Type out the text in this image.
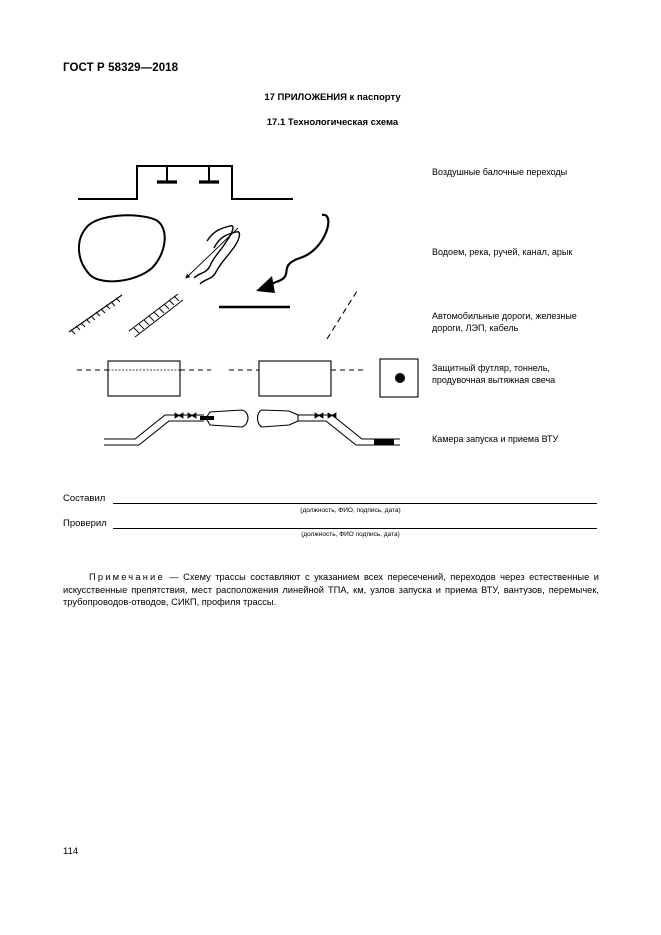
ГОСТ Р 58329—2018
17 ПРИЛОЖЕНИЯ к паспорту
17.1 Технологическая схема
Воздушные балочные переходы
Водоем, река, ручей, канал, арык
Автомобильные дороги, железные
дороги, ЛЭП, кабель
Защитный футляр, тоннель,
продувочная вытяжная свеча
Камера запуска и приема ВТУ
Составил
(должность, ФИО, подпись, дата)
Проверил
(должность, ФИО подпись, дата)
Примечание — Схему трассы составляют с указанием всех пересечений, переходов через естественные и искусственные препятствия, мест расположения линейной ТПА, км, узлов запуска и приема ВТУ, вантузов, перемычек, трубопроводов-отводов, СИКП, профиля трассы.
114
